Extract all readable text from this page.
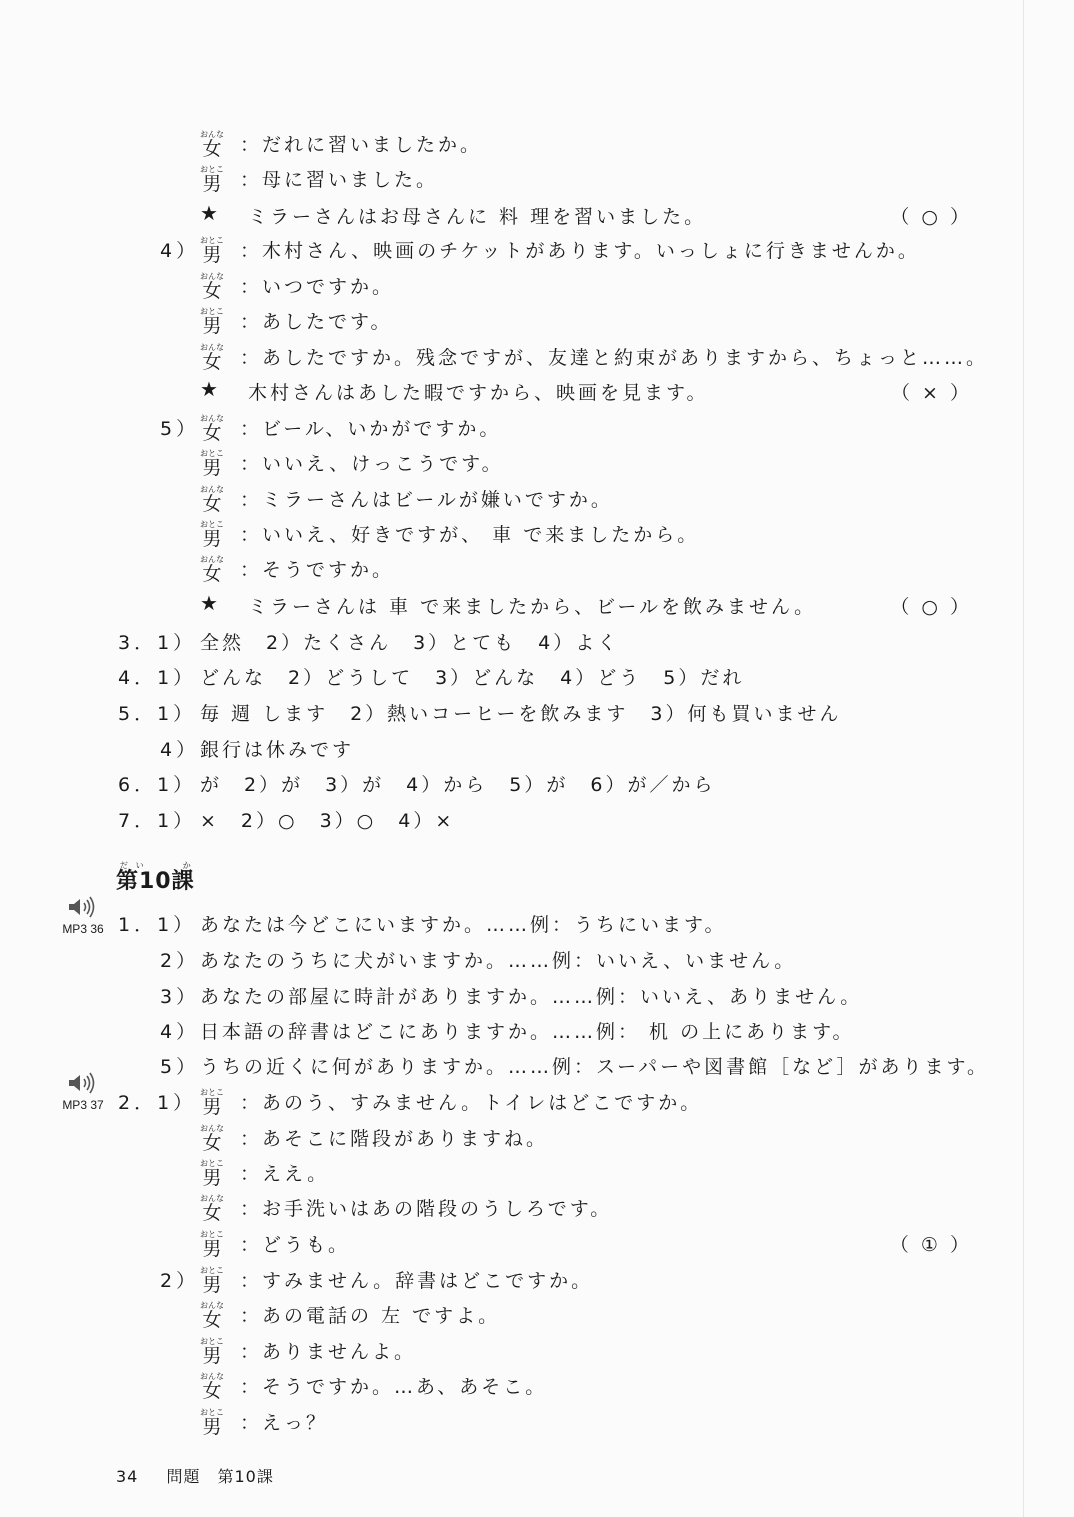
女おんな ：だれに習いましたか。
男おとこ ：母に習いました。
★ ミラーさんはお母さんに 料 理を習いました。	（ ○ ）
4） 男おとこ ：木村さん、映画のチケットがあります。いっしょに行きませんか。
女おんな ：いつですか。
男おとこ ：あしたです。
女おんな ：あしたですか。残念ですが、友達と約束がありますから、ちょっと……。
★ 木村さんはあした暇ですから、映画を見ます。	（ × ）
5） 女おんな ：ビール、いかがですか。
男おとこ ：いいえ、けっこうです。
女おんな ：ミラーさんはビールが嫌いですか。
男おとこ ：いいえ、好きですが、 車 で来ましたから。
女おんな ：そうですか。
★ ミラーさんは 車 で来ましたから、ビールを飲みません。	（ ○ ）
3．1） 全然　2）たくさん　3）とても　4）よく
4．1） どんな　2）どうして　3）どんな　4）どう　5）だれ
5．1） 毎 週 します　2）熱いコーヒーを飲みます　3）何も買いません
4） 銀行は休みです
6．1） が　2）が　3）が　4）から　5）が　6）が／から
7．1） ×　2）○　3）○　4）×
第10課だい　　か
MP3 36
MP3 37
1．1） あなたは今どこにいますか。……例：うちにいます。
2） あなたのうちに犬がいますか。……例：いいえ、いません。
3） あなたの部屋に時計がありますか。……例：いいえ、ありません。
4） 日本語の辞書はどこにありますか。……例： 机 の上にあります。
5） うちの近くに何がありますか。……例：スーパーや図書館［など］があります。
2．1） 男おとこ ：あのう、すみません。トイレはどこですか。
女おんな ：あそこに階段がありますね。
男おとこ ：ええ。
女おんな ：お手洗いはあの階段のうしろです。
男おとこ ：どうも。	（ ① ）
2） 男おとこ ：すみません。辞書はどこですか。
女おんな ：あの電話の 左 ですよ。
男おとこ ：ありませんよ。
女おんな ：そうですか。…あ、あそこ。
男おとこ ：えっ？
34 問題　第10課
